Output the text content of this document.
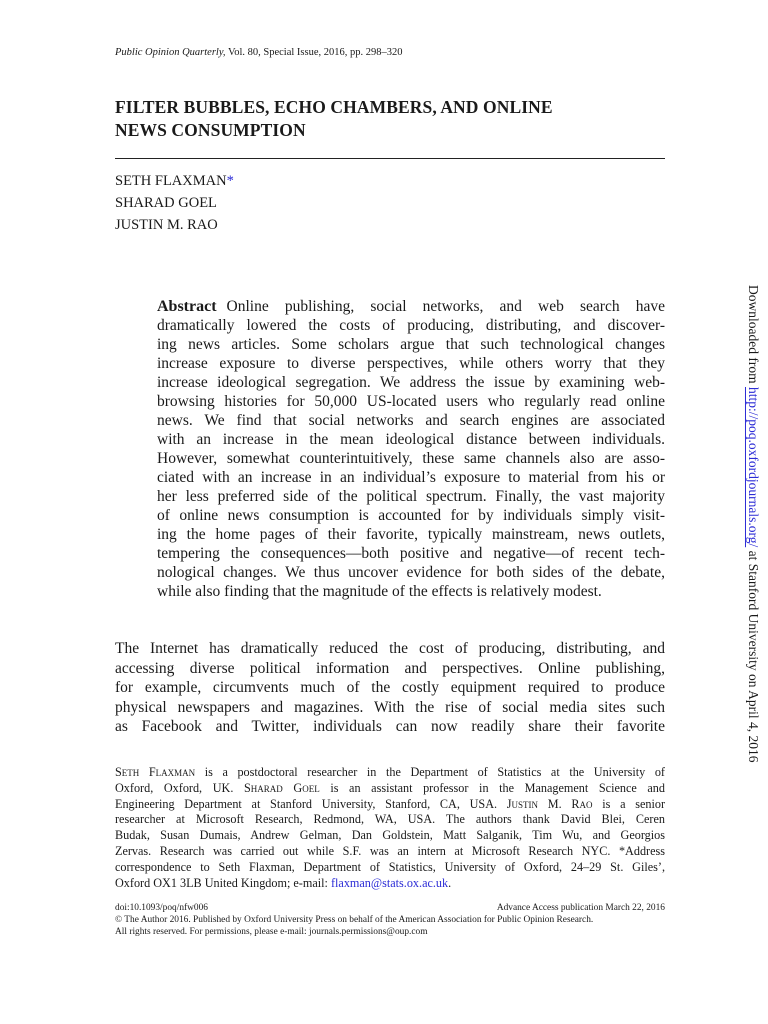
Public Opinion Quarterly, Vol. 80, Special Issue, 2016, pp. 298–320
FILTER BUBBLES, ECHO CHAMBERS, AND ONLINE
NEWS CONSUMPTION
SETH FLAXMAN*
SHARAD GOEL
JUSTIN M. RAO
Abstract Online publishing, social networks, and web search have
dramatically lowered the costs of producing, distributing, and discover-
ing news articles. Some scholars argue that such technological changes
increase exposure to diverse perspectives, while others worry that they
increase ideological segregation. We address the issue by examining web-
browsing histories for 50,000 US-located users who regularly read online
news. We find that social networks and search engines are associated
with an increase in the mean ideological distance between individuals.
However, somewhat counterintuitively, these same channels also are asso-
ciated with an increase in an individual’s exposure to material from his or
her less preferred side of the political spectrum. Finally, the vast majority
of online news consumption is accounted for by individuals simply visit-
ing the home pages of their favorite, typically mainstream, news outlets,
tempering the consequences—both positive and negative—of recent tech-
nological changes. We thus uncover evidence for both sides of the debate,
while also finding that the magnitude of the effects is relatively modest.
The Internet has dramatically reduced the cost of producing, distributing, and
accessing diverse political information and perspectives. Online publishing,
for example, circumvents much of the costly equipment required to produce
physical newspapers and magazines. With the rise of social media sites such
as Facebook and Twitter, individuals can now readily share their favorite
Seth Flaxman is a postdoctoral researcher in the Department of Statistics at the University of
Oxford, Oxford, UK. Sharad Goel is an assistant professor in the Management Science and
Engineering Department at Stanford University, Stanford, CA, USA. Justin M. Rao is a senior
researcher at Microsoft Research, Redmond, WA, USA. The authors thank David Blei, Ceren
Budak, Susan Dumais, Andrew Gelman, Dan Goldstein, Matt Salganik, Tim Wu, and Georgios
Zervas. Research was carried out while S.F. was an intern at Microsoft Research NYC. *Address
correspondence to Seth Flaxman, Department of Statistics, University of Oxford, 24–29 St. Giles’,
Oxford OX1 3LB United Kingdom; e-mail: flaxman@stats.ox.ac.uk.
doi:10.1093/poq/nfw006	Advance Access publication March 22, 2016
© The Author 2016. Published by Oxford University Press on behalf of the American Association for Public Opinion Research.
All rights reserved. For permissions, please e-mail: journals.permissions@oup.com
Downloaded from http://poq.oxfordjournals.org/ at Stanford University on April 4, 2016
